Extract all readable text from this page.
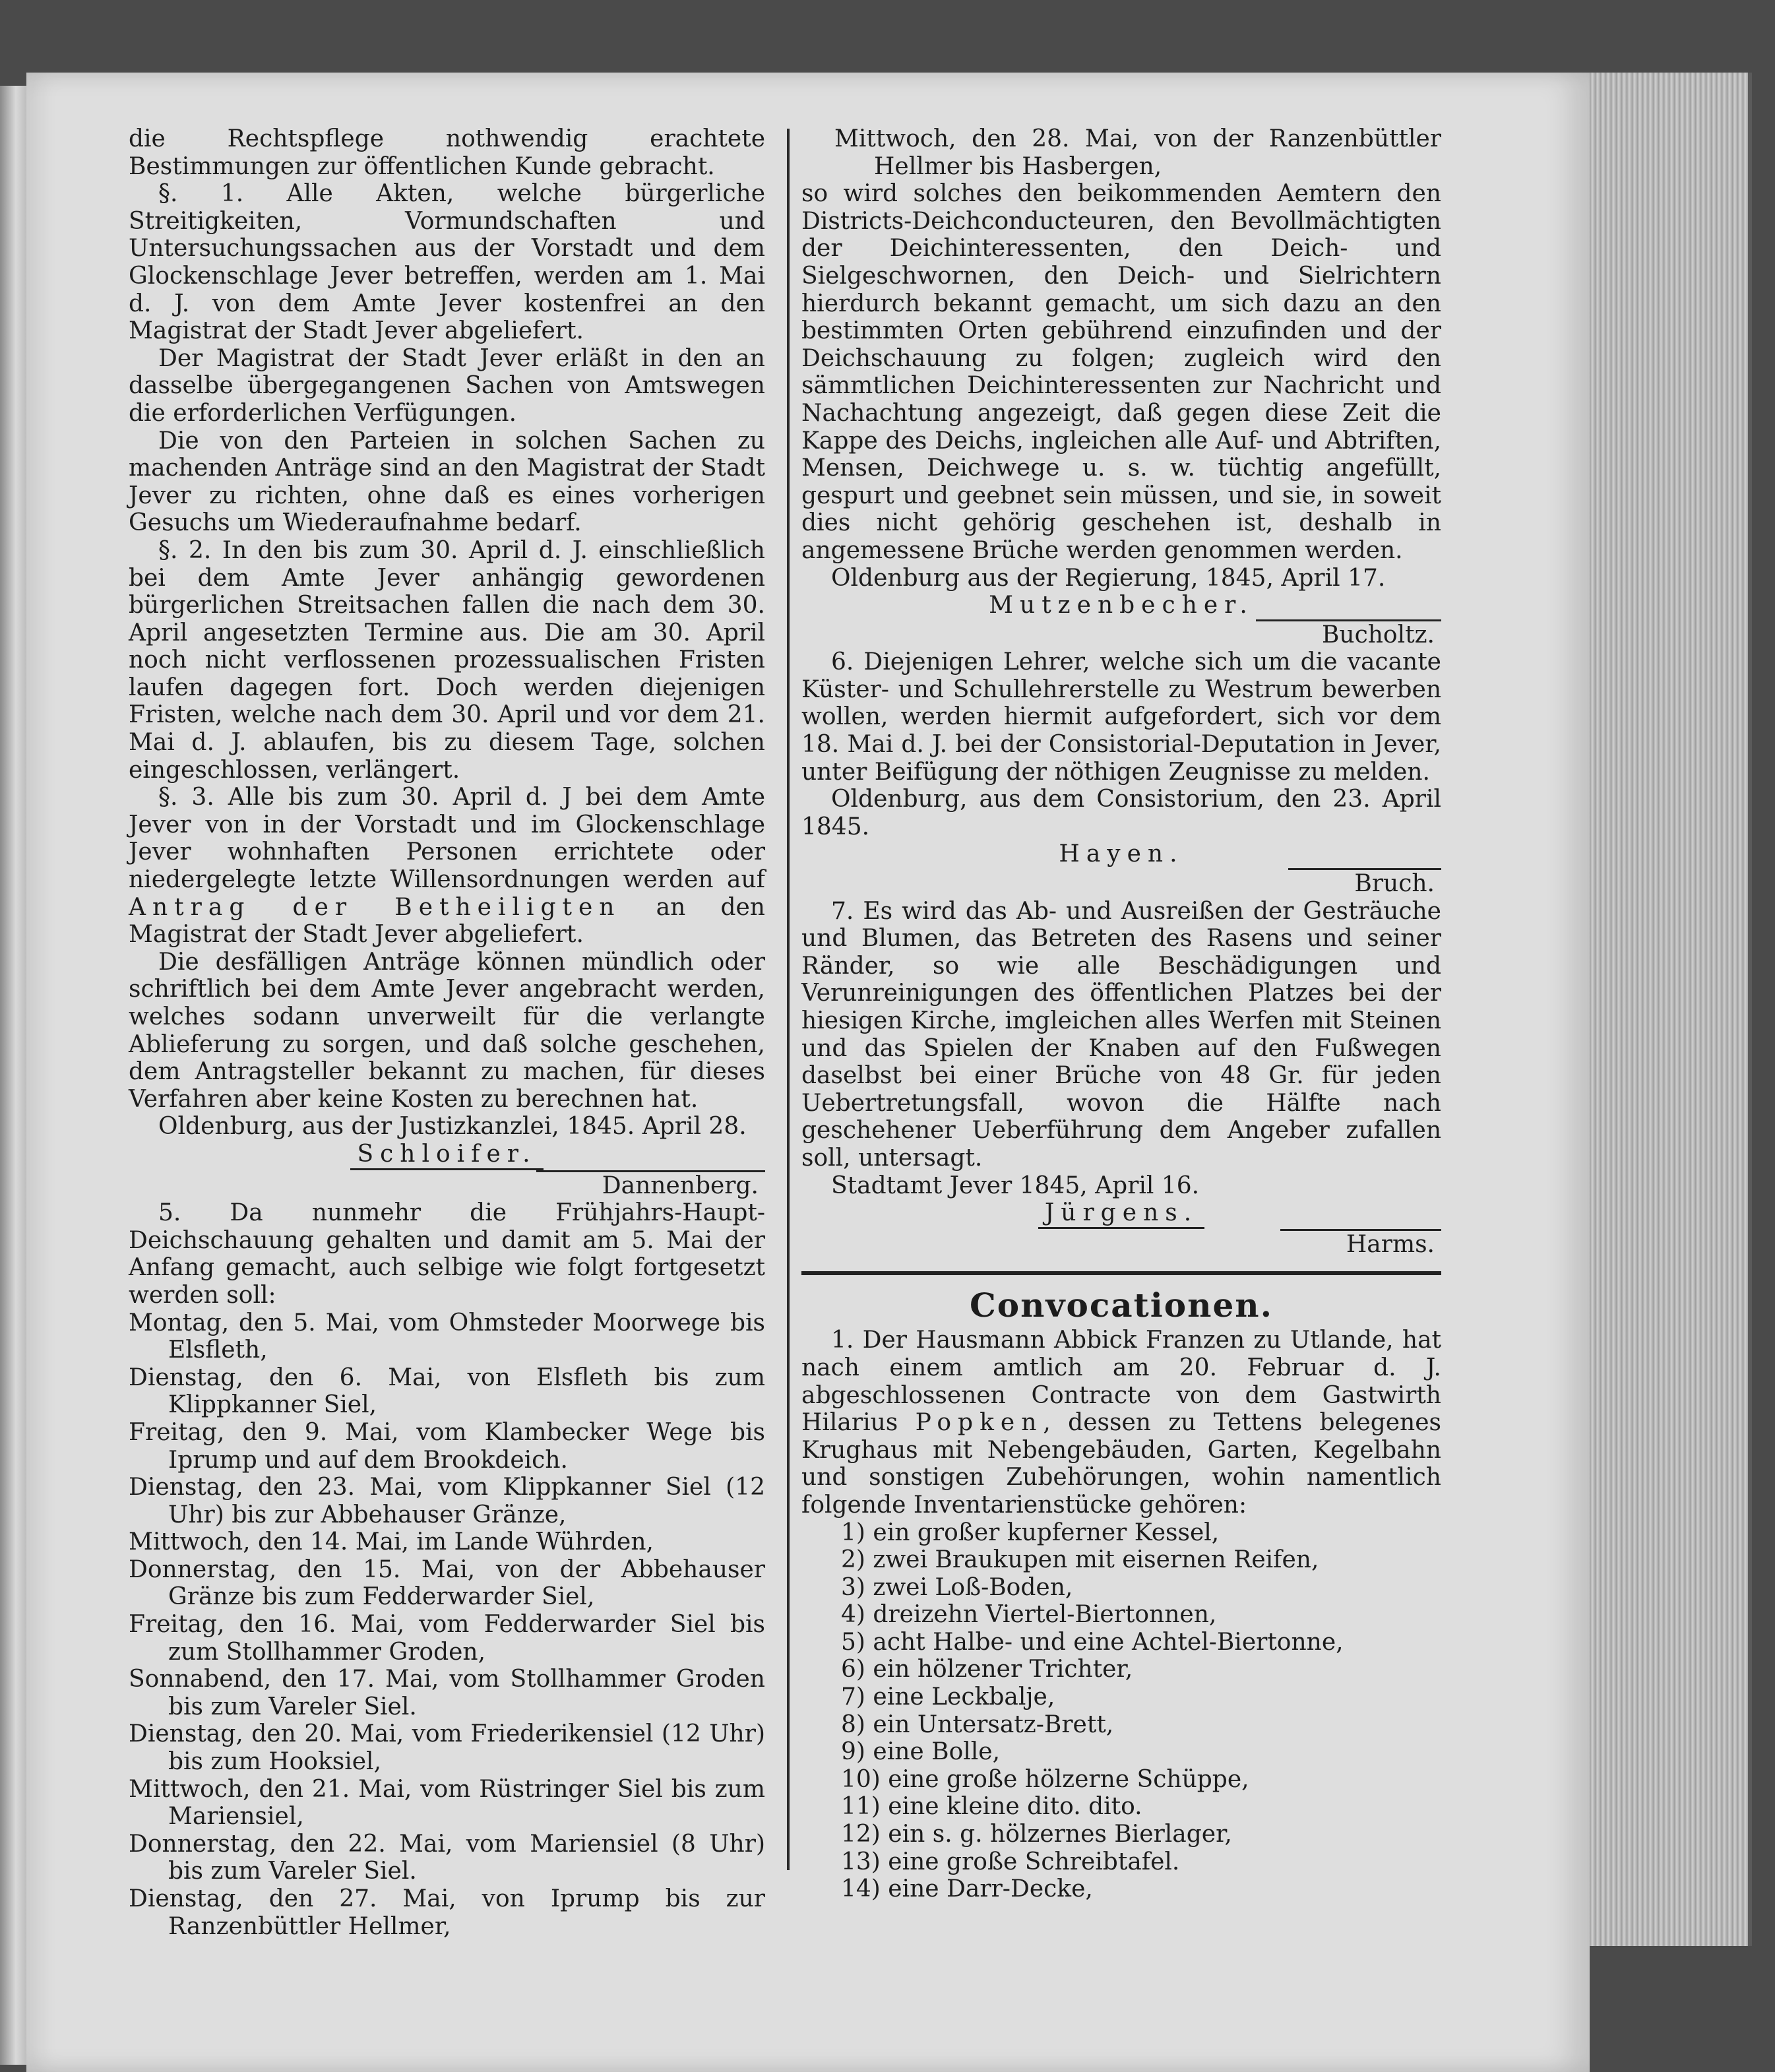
die Rechtspflege nothwendig erachtete Bestimmungen zur öffentlichen Kunde gebracht.

§. 1. Alle Akten, welche bürgerliche Streitigkeiten, Vormundschaften und Untersuchungssachen aus der Vorstadt und dem Glockenschlage Jever betreffen, werden am 1. Mai d. J. von dem Amte Jever kostenfrei an den Magistrat der Stadt Jever abgeliefert.

Der Magistrat der Stadt Jever erläßt in den an dasselbe übergegangenen Sachen von Amtswegen die erforderlichen Verfügungen.

Die von den Parteien in solchen Sachen zu machenden Anträge sind an den Magistrat der Stadt Jever zu richten, ohne daß es eines vorherigen Gesuchs um Wiederaufnahme bedarf.

§. 2. In den bis zum 30. April d. J. einschließlich bei dem Amte Jever anhängig gewordenen bürgerlichen Streitsachen fallen die nach dem 30. April angesetzten Termine aus. Die am 30. April noch nicht verflossenen prozessualischen Fristen laufen dagegen fort. Doch werden diejenigen Fristen, welche nach dem 30. April und vor dem 21. Mai d. J. ablaufen, bis zu diesem Tage, solchen eingeschlossen, verlängert.

§. 3. Alle bis zum 30. April d. J bei dem Amte Jever von in der Vorstadt und im Glockenschlage Jever wohnhaften Personen errichtete oder niedergelegte letzte Willensordnungen werden auf Antrag der Betheiligten an den Magistrat der Stadt Jever abgeliefert.

Die desfälligen Anträge können mündlich oder schriftlich bei dem Amte Jever angebracht werden, welches sodann unverweilt für die verlangte Ablieferung zu sorgen, und daß solche geschehen, dem Antragsteller bekannt zu machen, für dieses Verfahren aber keine Kosten zu berechnen hat.

Oldenburg, aus der Justizkanzlei, 1845. April 28.

Schloifer.

Dannenberg.

5. Da nunmehr die Frühjahrs-Haupt-Deichschauung gehalten und damit am 5. Mai der Anfang gemacht, auch selbige wie folgt fortgesetzt werden soll:

Montag, den 5. Mai, vom Ohmsteder Moorwege bis Elsfleth,

Dienstag, den 6. Mai, von Elsfleth bis zum Klippkanner Siel,

Freitag, den 9. Mai, vom Klambecker Wege bis Iprump und auf dem Brookdeich.

Dienstag, den 23. Mai, vom Klippkanner Siel (12 Uhr) bis zur Abbehauser Gränze,

Mittwoch, den 14. Mai, im Lande Wührden,

Donnerstag, den 15. Mai, von der Abbehauser Gränze bis zum Fedderwarder Siel,

Freitag, den 16. Mai, vom Fedderwarder Siel bis zum Stollhammer Groden,

Sonnabend, den 17. Mai, vom Stollhammer Groden bis zum Vareler Siel.

Dienstag, den 20. Mai, vom Friederikensiel (12 Uhr) bis zum Hooksiel,

Mittwoch, den 21. Mai, vom Rüstringer Siel bis zum Mariensiel,

Donnerstag, den 22. Mai, vom Mariensiel (8 Uhr) bis zum Vareler Siel.

Dienstag, den 27. Mai, von Iprump bis zur Ranzenbüttler Hellmer,

Mittwoch, den 28. Mai, von der Ranzenbüttler Hellmer bis Hasbergen,

so wird solches den beikommenden Aemtern den Districts-Deichconducteuren, den Bevollmächtigten der Deichinteressenten, den Deich- und Sielgeschwornen, den Deich- und Sielrichtern hierdurch bekannt gemacht, um sich dazu an den bestimmten Orten gebührend einzufinden und der Deichschauung zu folgen; zugleich wird den sämmtlichen Deichinteressenten zur Nachricht und Nachachtung angezeigt, daß gegen diese Zeit die Kappe des Deichs, ingleichen alle Auf- und Abtriften, Mensen, Deichwege u. s. w. tüchtig angefüllt, gespurt und geebnet sein müssen, und sie, in soweit dies nicht gehörig geschehen ist, deshalb in angemessene Brüche werden genommen werden.

Oldenburg aus der Regierung, 1845, April 17.

Mutzenbecher.

Bucholtz.

6. Diejenigen Lehrer, welche sich um die vacante Küster- und Schullehrerstelle zu Westrum bewerben wollen, werden hiermit aufgefordert, sich vor dem 18. Mai d. J. bei der Consistorial-Deputation in Jever, unter Beifügung der nöthigen Zeugnisse zu melden.

Oldenburg, aus dem Consistorium, den 23. April 1845.

Hayen.

Bruch.

7. Es wird das Ab- und Ausreißen der Gesträuche und Blumen, das Betreten des Rasens und seiner Ränder, so wie alle Beschädigungen und Verunreinigungen des öffentlichen Platzes bei der hiesigen Kirche, imgleichen alles Werfen mit Steinen und das Spielen der Knaben auf den Fußwegen daselbst bei einer Brüche von 48 Gr. für jeden Uebertretungsfall, wovon die Hälfte nach geschehener Ueberführung dem Angeber zufallen soll, untersagt.

Stadtamt Jever 1845, April 16.

Jürgens.

Harms.

Convocationen.

1. Der Hausmann Abbick Franzen zu Utlande, hat nach einem amtlich am 20. Februar d. J. abgeschlossenen Contracte von dem Gastwirth Hilarius Popken, dessen zu Tettens belegenes Krughaus mit Nebengebäuden, Garten, Kegelbahn und sonstigen Zubehörungen, wohin namentlich folgende Inventarienstücke gehören:

1) ein großer kupferner Kessel,
2) zwei Braukupen mit eisernen Reifen,
3) zwei Loß-Boden,
4) dreizehn Viertel-Biertonnen,
5) acht Halbe- und eine Achtel-Biertonne,
6) ein hölzener Trichter,
7) eine Leckbalje,
8) ein Untersatz-Brett,
9) eine Bolle,
10) eine große hölzerne Schüppe,
11) eine kleine dito. dito.
12) ein s. g. hölzernes Bierlager,
13) eine große Schreibtafel.
14) eine Darr-Decke,
